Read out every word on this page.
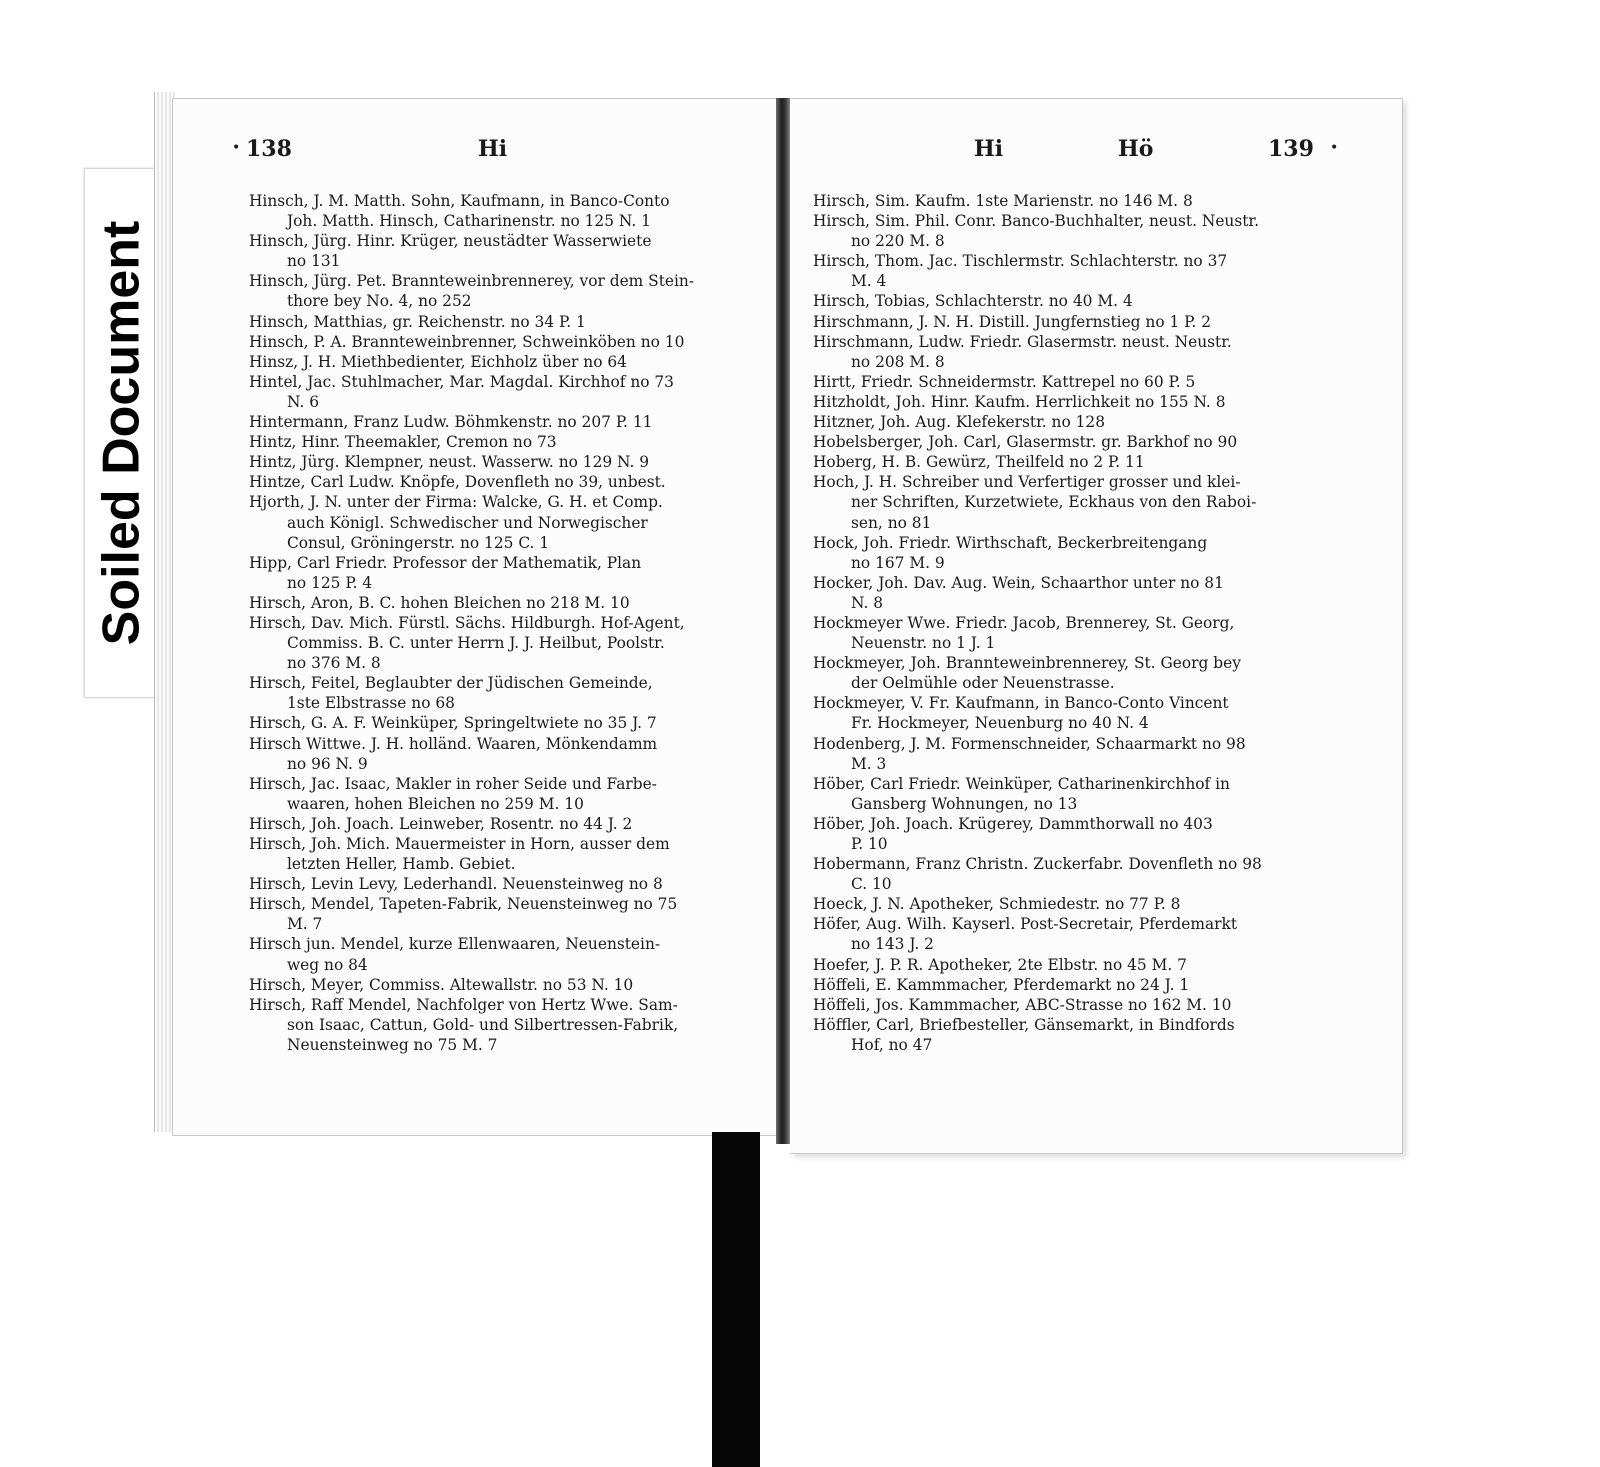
Soiled Document
• 138	Hi	Hi	Hö	139 •
Hinsch, J. M. Matth. Sohn, Kaufmann, in Banco-Conto
Joh. Matth. Hinsch, Catharinenstr. no 125 N. 1
Hinsch, Jürg. Hinr. Krüger, neustädter Wasserwiete
no 131
Hinsch, Jürg. Pet. Brannteweinbrennerey, vor dem Stein-
thore bey No. 4, no 252
Hinsch, Matthias, gr. Reichenstr. no 34 P. 1
Hinsch, P. A. Brannteweinbrenner, Schweinköben no 10
Hinsz, J. H. Miethbedienter, Eichholz über no 64
Hintel, Jac. Stuhlmacher, Mar. Magdal. Kirchhof no 73
N. 6
Hintermann, Franz Ludw. Böhmkenstr. no 207 P. 11
Hintz, Hinr. Theemakler, Cremon no 73
Hintz, Jürg. Klempner, neust. Wasserw. no 129 N. 9
Hintze, Carl Ludw. Knöpfe, Dovenfleth no 39, unbest.
Hjorth, J. N. unter der Firma: Walcke, G. H. et Comp.
auch Königl. Schwedischer und Norwegischer
Consul, Gröningerstr. no 125 C. 1
Hipp, Carl Friedr. Professor der Mathematik, Plan
no 125 P. 4
Hirsch, Aron, B. C. hohen Bleichen no 218 M. 10
Hirsch, Dav. Mich. Fürstl. Sächs. Hildburgh. Hof-Agent,
Commiss. B. C. unter Herrn J. J. Heilbut, Poolstr.
no 376 M. 8
Hirsch, Feitel, Beglaubter der Jüdischen Gemeinde,
1ste Elbstrasse no 68
Hirsch, G. A. F. Weinküper, Springeltwiete no 35 J. 7
Hirsch Wittwe. J. H. holländ. Waaren, Mönkendamm
no 96 N. 9
Hirsch, Jac. Isaac, Makler in roher Seide und Farbe-
waaren, hohen Bleichen no 259 M. 10
Hirsch, Joh. Joach. Leinweber, Rosentr. no 44 J. 2
Hirsch, Joh. Mich. Mauermeister in Horn, ausser dem
letzten Heller, Hamb. Gebiet.
Hirsch, Levin Levy, Lederhandl. Neuensteinweg no 8
Hirsch, Mendel, Tapeten-Fabrik, Neuensteinweg no 75
M. 7
Hirsch jun. Mendel, kurze Ellenwaaren, Neuenstein-
weg no 84
Hirsch, Meyer, Commiss. Altewallstr. no 53 N. 10
Hirsch, Raff Mendel, Nachfolger von Hertz Wwe. Sam-
son Isaac, Cattun, Gold- und Silbertressen-Fabrik,
Neuensteinweg no 75 M. 7
Hirsch, Sim. Kaufm. 1ste Marienstr. no 146 M. 8
Hirsch, Sim. Phil. Conr. Banco-Buchhalter, neust. Neustr.
no 220 M. 8
Hirsch, Thom. Jac. Tischlermstr. Schlachterstr. no 37
M. 4
Hirsch, Tobias, Schlachterstr. no 40 M. 4
Hirschmann, J. N. H. Distill. Jungfernstieg no 1 P. 2
Hirschmann, Ludw. Friedr. Glasermstr. neust. Neustr.
no 208 M. 8
Hirtt, Friedr. Schneidermstr. Kattrepel no 60 P. 5
Hitzholdt, Joh. Hinr. Kaufm. Herrlichkeit no 155 N. 8
Hitzner, Joh. Aug. Klefekerstr. no 128
Hobelsberger, Joh. Carl, Glasermstr. gr. Barkhof no 90
Hoberg, H. B. Gewürz, Theilfeld no 2 P. 11
Hoch, J. H. Schreiber und Verfertiger grosser und klei-
ner Schriften, Kurzetwiete, Eckhaus von den Raboi-
sen, no 81
Hock, Joh. Friedr. Wirthschaft, Beckerbreitengang
no 167 M. 9
Hocker, Joh. Dav. Aug. Wein, Schaarthor unter no 81
N. 8
Hockmeyer Wwe. Friedr. Jacob, Brennerey, St. Georg,
Neuenstr. no 1 J. 1
Hockmeyer, Joh. Brannteweinbrennerey, St. Georg bey
der Oelmühle oder Neuenstrasse.
Hockmeyer, V. Fr. Kaufmann, in Banco-Conto Vincent
Fr. Hockmeyer, Neuenburg no 40 N. 4
Hodenberg, J. M. Formenschneider, Schaarmarkt no 98
M. 3
Höber, Carl Friedr. Weinküper, Catharinenkirchhof in
Gansberg Wohnungen, no 13
Höber, Joh. Joach. Krügerey, Dammthorwall no 403
P. 10
Hobermann, Franz Christn. Zuckerfabr. Dovenfleth no 98
C. 10
Hoeck, J. N. Apotheker, Schmiedestr. no 77 P. 8
Höfer, Aug. Wilh. Kayserl. Post-Secretair, Pferdemarkt
no 143 J. 2
Hoefer, J. P. R. Apotheker, 2te Elbstr. no 45 M. 7
Höffeli, E. Kammmacher, Pferdemarkt no 24 J. 1
Höffeli, Jos. Kammmacher, ABC-Strasse no 162 M. 10
Höffler, Carl, Briefbesteller, Gänsemarkt, in Bindfords
Hof, no 47
